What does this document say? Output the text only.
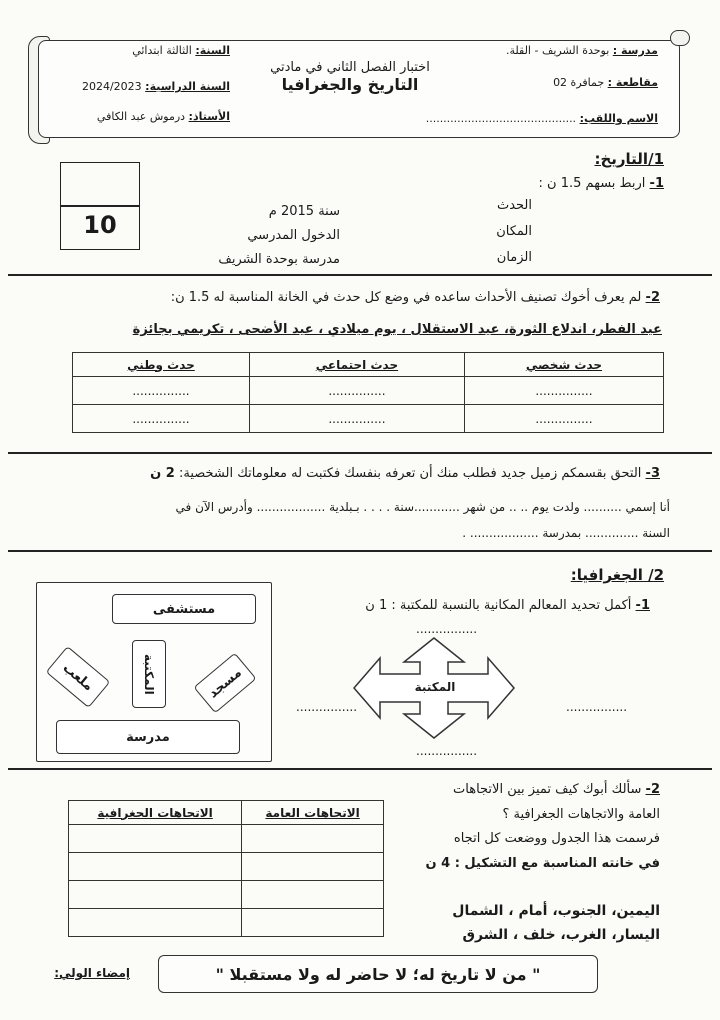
مدرسة : بوحدة الشريف - القلة.
مقاطعة : جمافرة 02
الاسم واللقب: ...........................................
اختبار الفصل الثاني في مادتي
التاريخ والجغرافيا
السنة: الثالثة ابتدائي
السنة الدراسية: 2024/2023
الأستاذ: درموش عبد الكافي
1/التاريخ:
10
1- اربط بسهم 1.5 ن :
الحدث
المكان
الزمان
سنة 2015 م
الدخول المدرسي
مدرسة بوحدة الشريف
2- لم يعرف أخوك تصنيف الأحداث ساعده في وضع كل حدث في الخانة المناسبة له 1.5 ن:
عيد الفطر، اندلاع الثورة، عيد الاستقلال ، يوم ميلادي ، عيد الأضحى ، تكريمي بجائزة
حدث شخصي	حدث اجتماعي	حدث وطني
...............	...............	...............
...............	...............	...............
3- التحق بقسمكم زميل جديد فطلب منك أن تعرفه بنفسك فكتبت له معلوماتك الشخصية: 2 ن
أنا إسمي .......... ولدت يوم .. .. من شهر ............سنة . . . . بـبلدية .................. وأدرس الآن في
السنة .............. بمدرسة .................. .
2/ الجغرافيا:
1- أكمل تحديد المعالم المكانية بالنسبة للمكتبة : 1 ن
مستشفى
المكتبة
ملعب	مسجد
مدرسة
المكتبة
................
................
................	................
2- سألك أبوك كيف تميز بين الاتجاهات
العامة والاتجاهات الجغرافية ؟
فرسمت هذا الجدول ووضعت كل اتجاه
في خانته المناسبة مع التشكيل : 4 ن
اليمين، الجنوب، أمام ، الشمال
اليسار، الغرب، خلف ، الشرق
الاتجاهات العامة	الاتجاهات الجغرافية

إمضاء الولي:	" من لا تاريخ له؛ لا حاضر له ولا مستقبلا "
